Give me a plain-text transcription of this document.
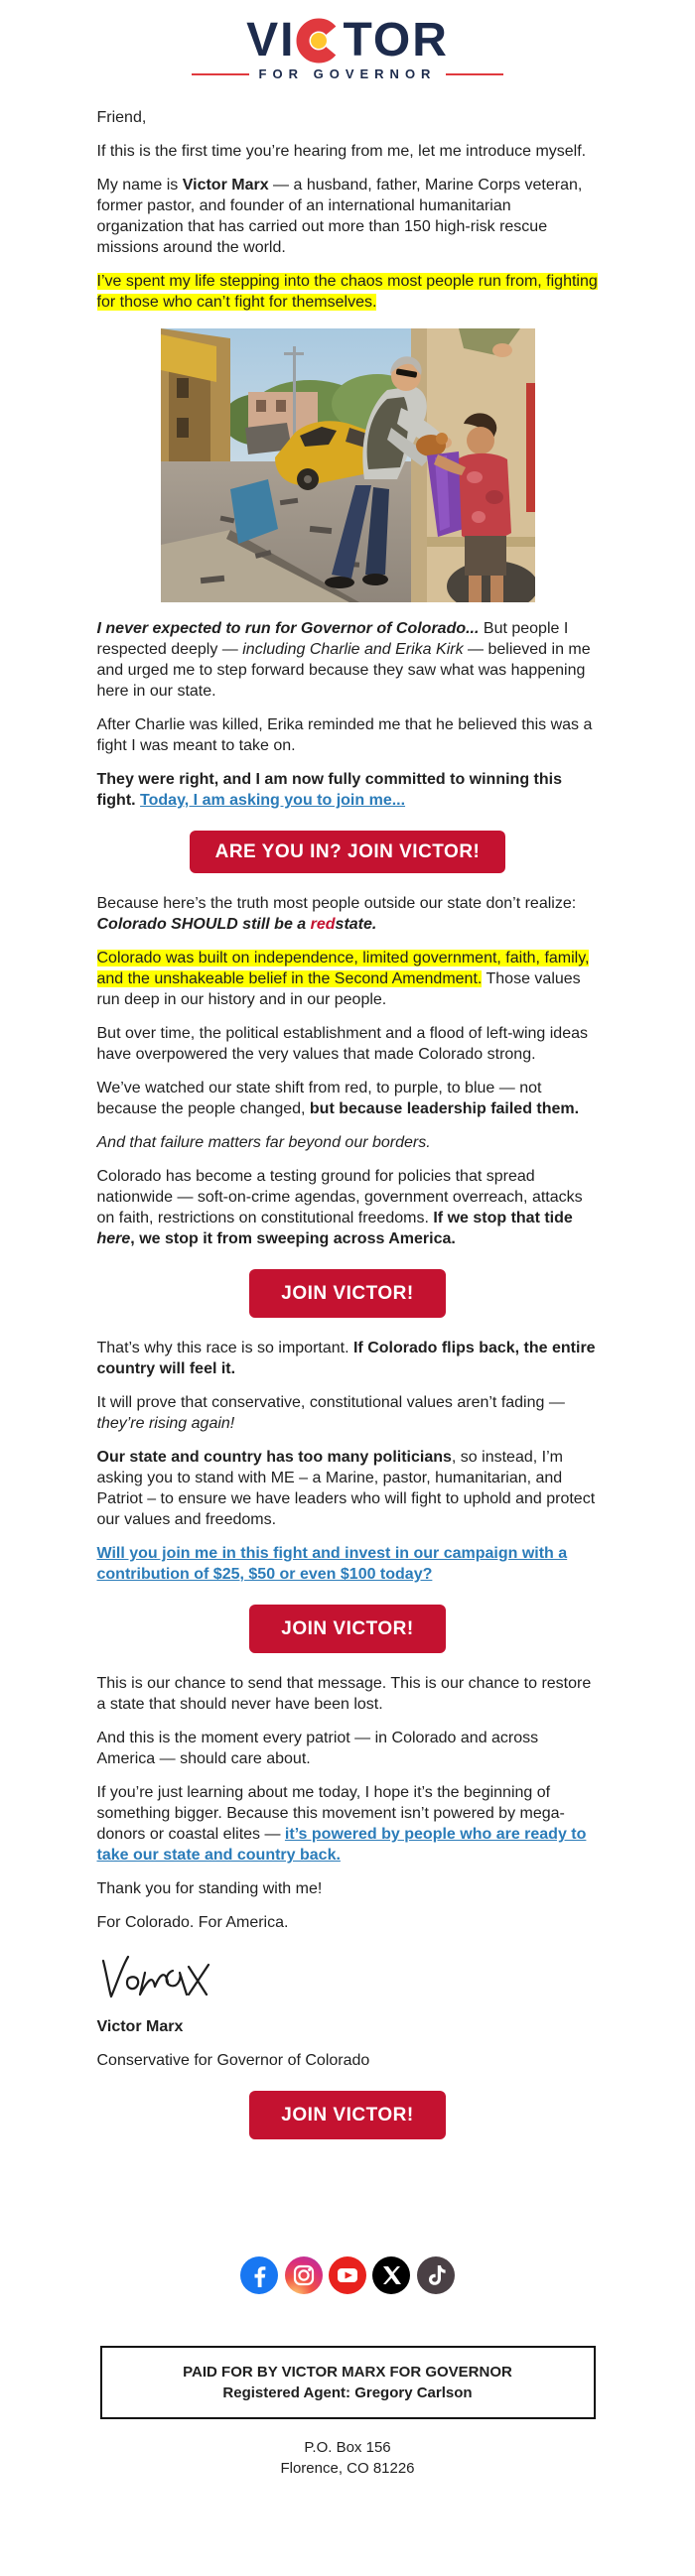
VI TOR
FOR GOVERNOR

Friend,

If this is the first time you’re hearing from me, let me introduce myself.

My name is Victor Marx — a husband, father, Marine Corps veteran, former pastor, and founder of an international humanitarian organization that has carried out more than 150 high-risk rescue missions around the world.

I’ve spent my life stepping into the chaos most people run from, fighting for those who can’t fight for themselves.

I never expected to run for Governor of Colorado... But people I respected deeply — including Charlie and Erika Kirk — believed in me and urged me to step forward because they saw what was happening here in our state.

After Charlie was killed, Erika reminded me that he believed this was a fight I was meant to take on.

They were right, and I am now fully committed to winning this fight. Today, I am asking you to join me...

ARE YOU IN? JOIN VICTOR!

Because here’s the truth most people outside our state don’t realize: Colorado SHOULD still be a redstate.

Colorado was built on independence, limited government, faith, family, and the unshakeable belief in the Second Amendment. Those values run deep in our history and in our people.

But over time, the political establishment and a flood of left-wing ideas have overpowered the very values that made Colorado strong.

We’ve watched our state shift from red, to purple, to blue — not because the people changed, but because leadership failed them.

And that failure matters far beyond our borders.

Colorado has become a testing ground for policies that spread nationwide — soft-on-crime agendas, government overreach, attacks on faith, restrictions on constitutional freedoms. If we stop that tide here, we stop it from sweeping across America.

JOIN VICTOR!

That’s why this race is so important. If Colorado flips back, the entire country will feel it.

It will prove that conservative, constitutional values aren’t fading — they’re rising again!

Our state and country has too many politicians, so instead, I’m asking you to stand with ME – a Marine, pastor, humanitarian, and Patriot – to ensure we have leaders who will fight to uphold and protect our values and freedoms.

Will you join me in this fight and invest in our campaign with a contribution of $25, $50 or even $100 today?

JOIN VICTOR!

This is our chance to send that message. This is our chance to restore a state that should never have been lost.

And this is the moment every patriot — in Colorado and across America — should care about.

If you’re just learning about me today, I hope it’s the beginning of something bigger. Because this movement isn’t powered by mega-donors or coastal elites — it’s powered by people who are ready to take our state and country back.

Thank you for standing with me!

For Colorado. For America.

Victor Marx

Conservative for Governor of Colorado

JOIN VICTOR!

PAID FOR BY VICTOR MARX FOR GOVERNOR
Registered Agent: Gregory Carlson
P.O. Box 156
Florence, CO 81226
